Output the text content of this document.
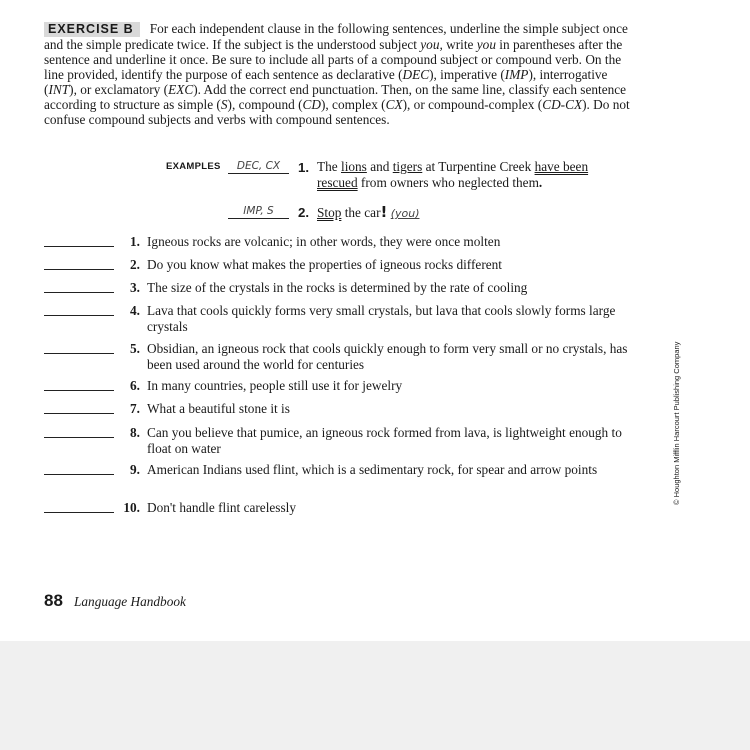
EXERCISE B For each independent clause in the following sentences, underline the simple subject once and the simple predicate twice. If the subject is the understood subject you, write you in parentheses after the sentence and underline it once. Be sure to include all parts of a compound subject or compound verb. On the line provided, identify the purpose of each sentence as declarative (DEC), imperative (IMP), interrogative (INT), or exclamatory (EXC). Add the correct end punctuation. Then, on the same line, classify each sentence according to structure as simple (S), compound (CD), complex (CX), or compound-complex (CD-CX). Do not confuse compound subjects and verbs with compound sentences.

EXAMPLES	DEC, CX	1. The lions and tigers at Turpentine Creek have been
rescued from owners who neglected them.
IMP, S	2. Stop the car! (you)
1. Igneous rocks are volcanic; in other words, they were once molten
2. Do you know what makes the properties of igneous rocks different
3. The size of the crystals in the rocks is determined by the rate of cooling
4. Lava that cools quickly forms very small crystals, but lava that cools slowly forms large crystals
5. Obsidian, an igneous rock that cools quickly enough to form very small or no crystals, has been used around the world for centuries
6. In many countries, people still use it for jewelry
7. What a beautiful stone it is
8. Can you believe that pumice, an igneous rock formed from lava, is lightweight enough to float on water
9. American Indians used flint, which is a sedimentary rock, for spear and arrow points
10. Don't handle flint carelessly
88 Language Handbook
© Houghton Mifflin Harcourt Publishing Company
